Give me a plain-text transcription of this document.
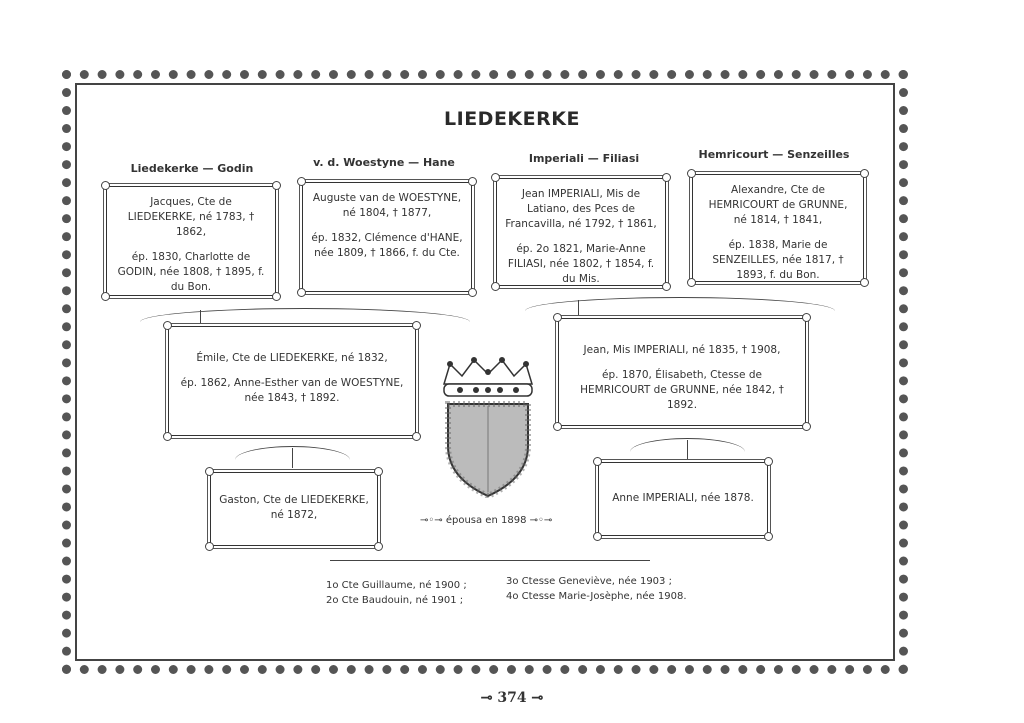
LIEDEKERKE
Liedekerke — Godin	v. d. Woestyne — Hane	Imperiali — Filiasi	Hemricourt — Senzeilles

Jacques, Cte de LIEDEKERKE, né 1783, † 1862,

ép. 1830, Charlotte de GODIN, née 1808, † 1895, f. du Bon.

Auguste van de WOESTYNE, né 1804, † 1877,

ép. 1832, Clémence d'HANE, née 1809, † 1866, f. du Cte.

Jean IMPERIALI, Mis de Latiano, des Pces de Francavilla, né 1792, † 1861,

ép. 2o 1821, Marie-Anne FILIASI, née 1802, † 1854, f. du Mis.

Alexandre, Cte de HEMRICOURT de GRUNNE, né 1814, † 1841,

ép. 1838, Marie de SENZEILLES, née 1817, † 1893, f. du Bon.

Émile, Cte de LIEDEKERKE, né 1832,

ép. 1862, Anne-Esther van de WOESTYNE, née 1843, † 1892.

Jean, Mis IMPERIALI, né 1835, † 1908,

ép. 1870, Élisabeth, Ctesse de HEMRICOURT de GRUNNE, née 1842, † 1892.

Gaston, Cte de LIEDEKERKE, né 1872,

Anne IMPERIALI, née 1878.

⊸◦⊸ épousa en 1898 ⊸◦⊸
1o Cte Guillaume, né 1900 ;
2o Cte Baudouin, né 1901 ;
3o Ctesse Geneviève, née 1903 ;
4o Ctesse Marie-Josèphe, née 1908.
⊸ 374 ⊸
